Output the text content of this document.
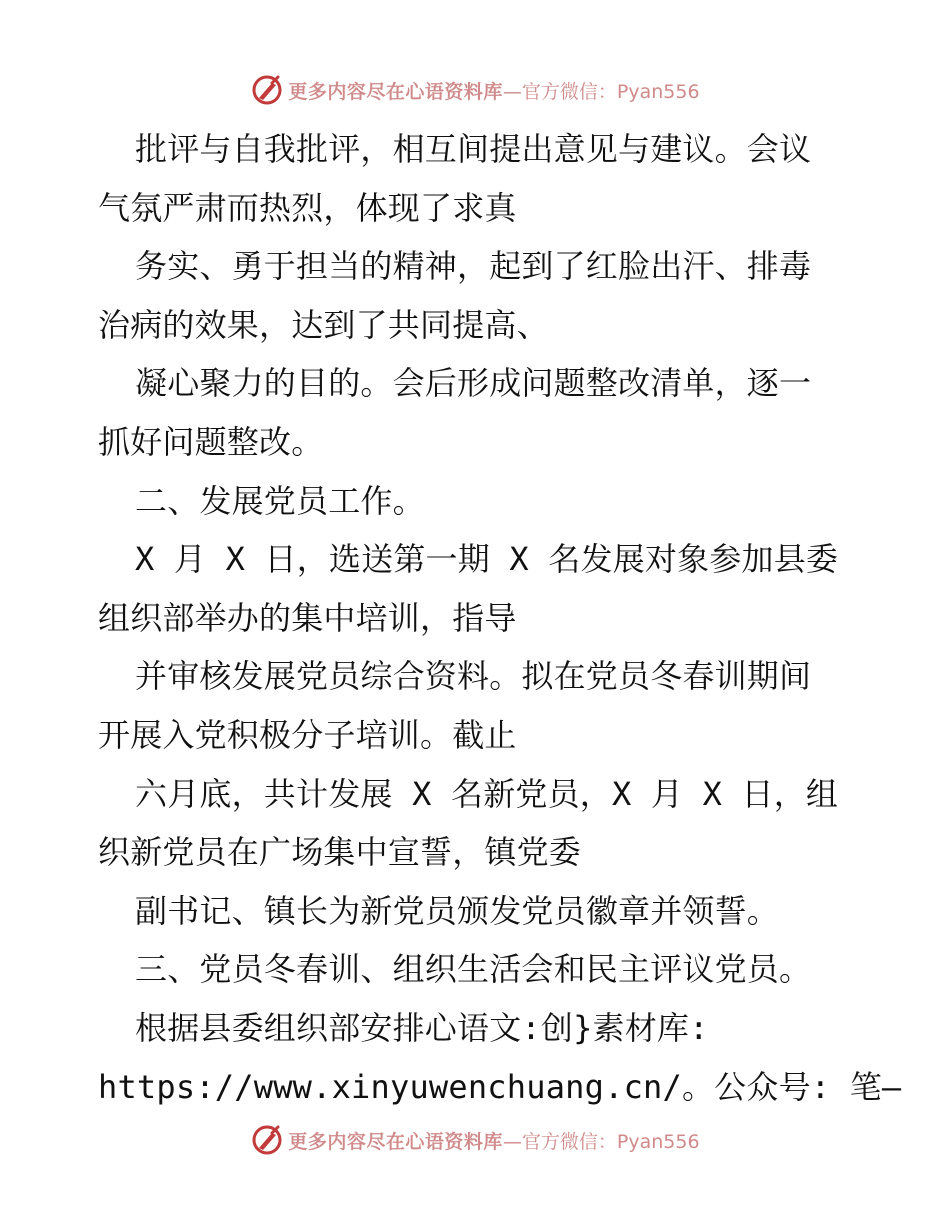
更多内容尽在心语资料库 —官方微信：Pyan556
批评与自我批评，相互间提出意见与建议。会议
气氛严肃而热烈，体现了求真
务实、勇于担当的精神，起到了红脸出汗、排毒
治病的效果，达到了共同提高、
凝心聚力的目的。会后形成问题整改清单，逐一
抓好问题整改。
二、发展党员工作。
X 月 X 日，选送第一期 X 名发展对象参加县委
组织部举办的集中培训，指导
并审核发展党员综合资料。拟在党员冬春训期间
开展入党积极分子培训。截止
六月底，共计发展 X 名新党员，X 月 X 日，组
织新党员在广场集中宣誓，镇党委
副书记、镇长为新党员颁发党员徽章并领誓。
三、党员冬春训、组织生活会和民主评议党员。
根据县委组织部安排心语文:创}素材库:
https://www.xinyuwenchuang.cn/。公众号: 笔—
更多内容尽在心语资料库 —官方微信：Pyan556
